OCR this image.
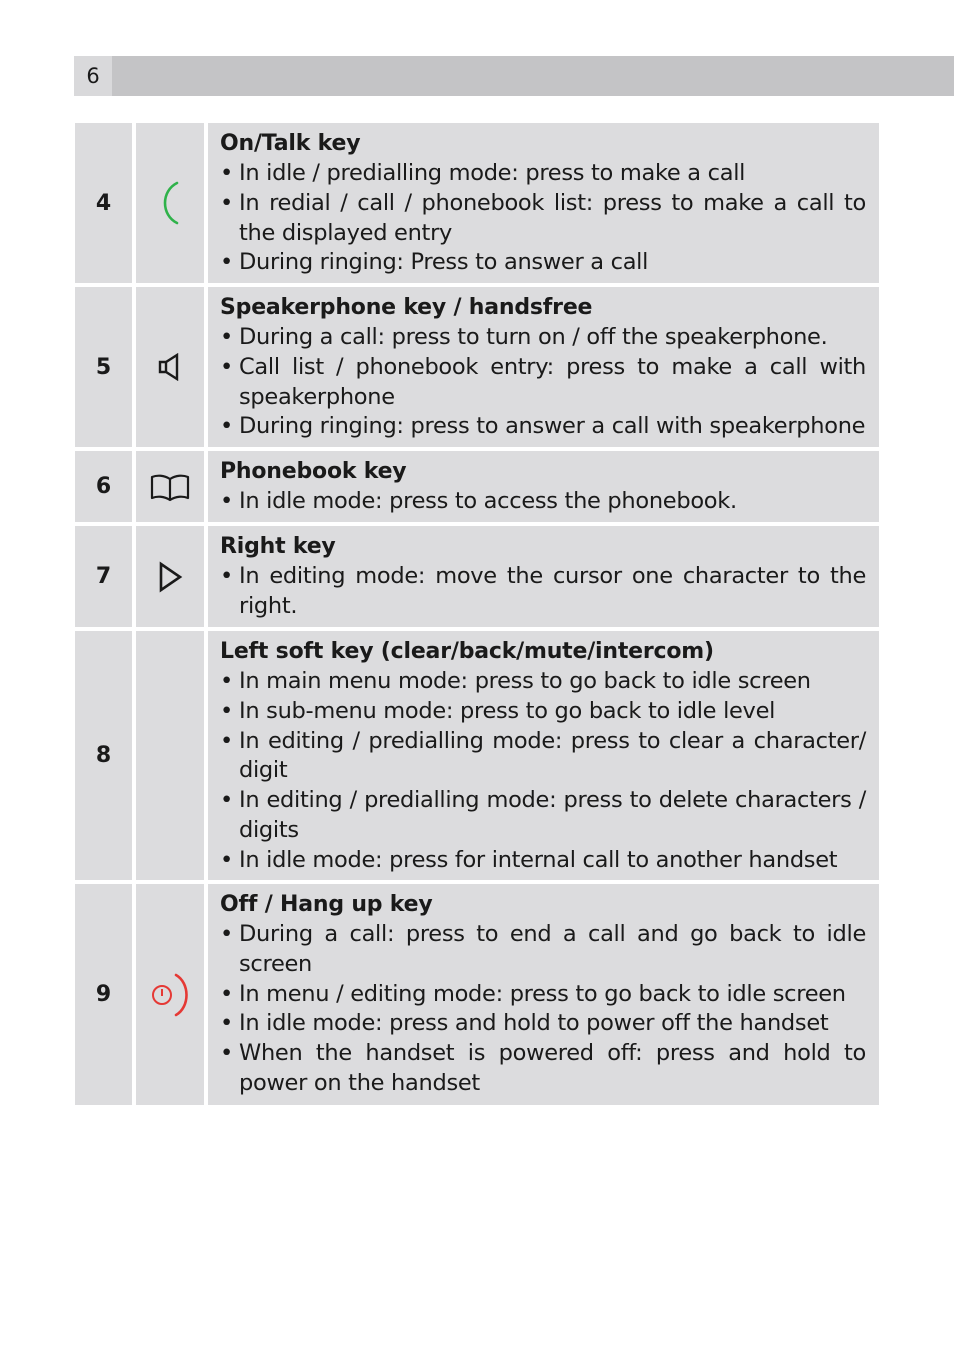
6
4
On/Talk key
• In idle / predialling mode: press to make a call
• In redial / call / phonebook list: press to make a call to the displayed entry
• During ringing: Press to answer a call
5
Speakerphone key / handsfree
• During a call: press to turn on / off the speakerphone.
• Call list / phonebook entry: press to make a call with speakerphone
• During ringing: press to answer a call with speakerphone
6
Phonebook key
• In idle mode: press to access the phonebook.
7
Right key
• In editing mode: move the cursor one character to the right.
8
Left soft key (clear/back/mute/intercom)
• In main menu mode: press to go back to idle screen
• In sub-menu mode: press to go back to idle level
• In editing / predialling mode: press to clear a character/ digit
• In editing / predialling mode: press to delete characters / digits
• In idle mode: press for internal call to another handset
9
Off / Hang up key
• During a call: press to end a call and go back to idle screen
• In menu / editing mode: press to go back to idle screen
• In idle mode: press and hold to power off the handset
• When the handset is powered off: press and hold to power on the handset
